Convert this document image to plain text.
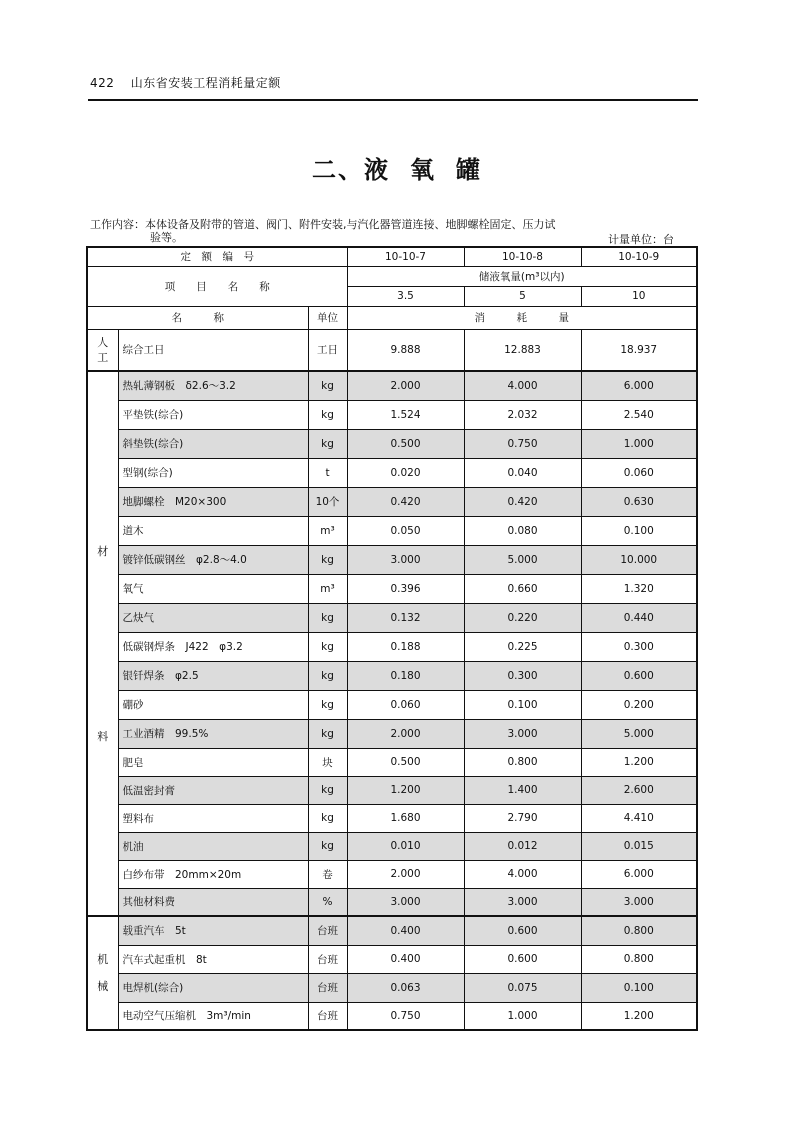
422 山东省安装工程消耗量定额
二、液 氧 罐
工作内容：本体设备及附带的管道、阀门、附件安装,与汽化器管道连接、地脚螺栓固定、压力试
验等。	计量单位：台
定　额　编　号			10-10-7	10-10-8	10-10-9
项　　目　　名　　称			储液氧量(m³以内)		
			3.5	5	10
名　　　称		单位	消　　　耗　　　量		

人
工	综合工日	工日	9.888	12.883	18.937

材
料	热轧薄钢板　δ2.6～3.2	kg	2.000	4.000	6.000
	平垫铁(综合)	kg	1.524	2.032	2.540
	斜垫铁(综合)	kg	0.500	0.750	1.000
	型钢(综合)	t	0.020	0.040	0.060
	地脚螺栓　M20×300	10个	0.420	0.420	0.630
	道木	m³	0.050	0.080	0.100
	镀锌低碳钢丝　φ2.8～4.0	kg	3.000	5.000	10.000
	氧气	m³	0.396	0.660	1.320
	乙炔气	kg	0.132	0.220	0.440
	低碳钢焊条　J422　φ3.2	kg	0.188	0.225	0.300
	银钎焊条　φ2.5	kg	0.180	0.300	0.600
	硼砂	kg	0.060	0.100	0.200
	工业酒精　99.5%	kg	2.000	3.000	5.000
	肥皂	块	0.500	0.800	1.200
	低温密封膏	kg	1.200	1.400	2.600
	塑料布	kg	1.680	2.790	4.410
	机油	kg	0.010	0.012	0.015
	白纱布带　20mm×20m	卷	2.000	4.000	6.000
	其他材料费	%	3.000	3.000	3.000

机
械	载重汽车　5t	台班	0.400	0.600	0.800
	汽车式起重机　8t	台班	0.400	0.600	0.800
	电焊机(综合)	台班	0.063	0.075	0.100
	电动空气压缩机　3m³/min	台班	0.750	1.000	1.200
